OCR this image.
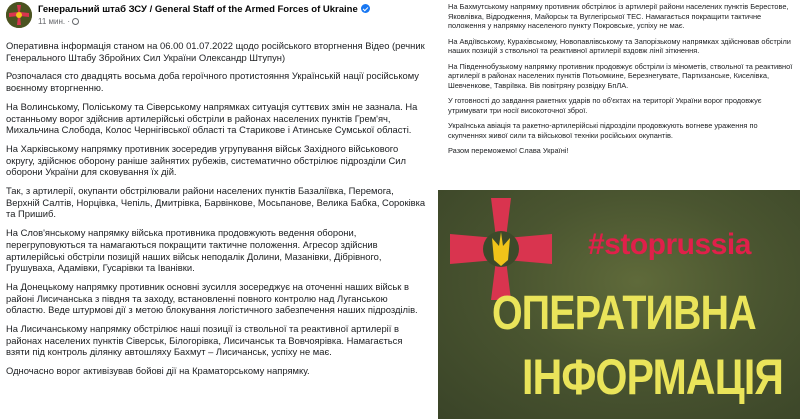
Генеральний штаб ЗСУ / General Staff of the Armed Forces of Ukraine
11 мин. ·

Оперативна інформація станом на 06.00 01.07.2022 щодо російського вторгнення Відео (речник Генерального Штабу Збройних Сил України Олександр Штупун)

Розпочалася сто двадцять восьма доба героїчного протистояння Українській нації російському воєнному вторгненню.

На Волинському, Поліському та Сіверському напрямках ситуація суттєвих змін не зазнала. На останньому ворог здійснив артилерійські обстріли в районах населених пунктів Грем'яч, Михальчина Слобода, Колос Чернігівської області та Старикове і Атинське Сумської області.

На Харківському напрямку противник зосередив угрупування військ Західного військового округу, здійснює оборону раніше зайнятих рубежів, систематично обстрілює підрозділи Сил оборони України для сковування їх дій.

Так, з артилерії, окупанти обстрілювали райони населених пунктів Базаліївка, Перемога, Верхній Салтів, Норцівка, Чепіль, Дмитрівка, Барвінкове, Мосьпанове, Велика Бабка, Сороківка та Пришиб.

На Слов'янському напрямку війська противника продовжують ведення оборони, перегруповуються та намагаються покращити тактичне положення. Агресор здійснив артилерійські обстріли позицій наших військ неподалік Долини, Мазанівки, Дібрівного, Грушуваха, Адамівки, Гусарівки та Іванівки.

На Донецькому напрямку противник основні зусилля зосереджує на оточенні наших військ в районі Лисичанська з півдня та заходу, встановленні повного контролю над Луганською областю. Веде штурмові дії з метою блокування логістичного забезпечення наших підрозділів.

На Лисичанському напрямку обстрілює наші позиції із ствольної та реактивної артилерії в районах населених пунктів Сіверськ, Білогорівка, Лисичанськ та Вовчоярівка. Намагається взяти під контроль ділянку автошляху Бахмут – Лисичанськ, успіху не має.

Одночасно ворог активізував бойові дії на Краматорському напрямку.

На Бахмутському напрямку противник обстрілює із артилерії райони населених пунктів Берестове, Яковлівка, Відродження, Майорськ та Вуглегірської ТЕС. Намагається покращити тактичне положення у напрямку населеного пункту Покровське, успіху не має.

На Авдіївському, Курахівському, Новопавлівському та Запорізькому напрямках здійснював обстріли наших позицій з ствольної та реактивної артилерії вздовж лінії зіткнення.

На Південнобузькому напрямку противник продовжує обстріли із мінометів, ствольної та реактивної артилерії в районах населених пунктів Потьомкине, Березнегувате, Партизанське, Киселівка, Шевченкове, Тавріївка. Вів повітряну розвідку БпЛА.

У готовності до завдання ракетних ударів по об'єктах на території України ворог продовжує утримувати три носії високоточної зброї.

Українська авіація та ракетно-артилерійські підрозділи продовжують вогневе ураження по скупченнях живої сили та військової техніки російських окупантів.

Разом переможемо! Слава Україні!

#stoprussia
ОПЕРАТИВНА
ІНФОРМАЦІЯ
